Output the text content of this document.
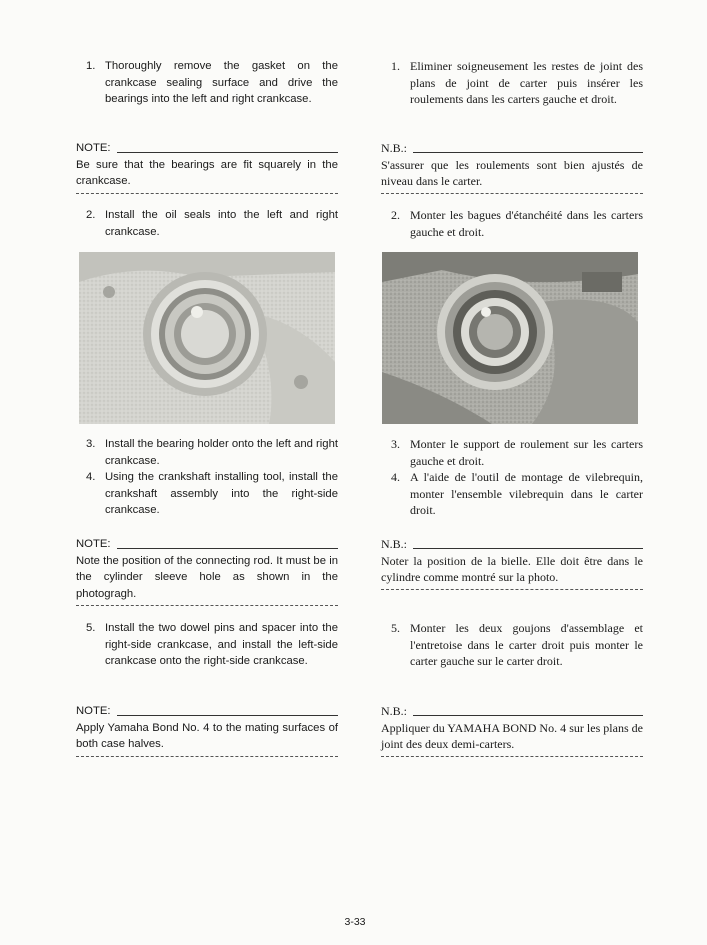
1. Thoroughly remove the gasket on the crankcase sealing surface and drive the bearings into the left and right crankcase.
NOTE:
Be sure that the bearings are fit squarely in the crankcase.
2. Install the oil seals into the left and right crankcase.
3. Install the bearing holder onto the left and right crankcase.
4. Using the crankshaft installing tool, install the crankshaft assembly into the right-side crankcase.
NOTE:
Note the position of the connecting rod. It must be in the cylinder sleeve hole as shown in the photogragh.
5. Install the two dowel pins and spacer into the right-side crankcase, and install the left-side crankcase onto the right-side crankcase.
NOTE:
Apply Yamaha Bond No. 4 to the mating surfaces of both case halves.
1. Eliminer soigneusement les restes de joint des plans de joint de carter puis insérer les roulements dans les carters gauche et droit.
N.B.:
S'assurer que les roulements sont bien ajustés de niveau dans le carter.
2. Monter les bagues d'étanchéité dans les carters gauche et droit.
3. Monter le support de roulement sur les carters gauche et droit.
4. A l'aide de l'outil de montage de vilebrequin, monter l'ensemble vilebrequin dans le carter droit.
N.B.:
Noter la position de la bielle. Elle doit être dans le cylindre comme montré sur la photo.
5. Monter les deux goujons d'assemblage et l'entretoise dans le carter droit puis monter le carter gauche sur le carter droit.
N.B.:
Appliquer du YAMAHA BOND No. 4 sur les plans de joint des deux demi-carters.
3-33
